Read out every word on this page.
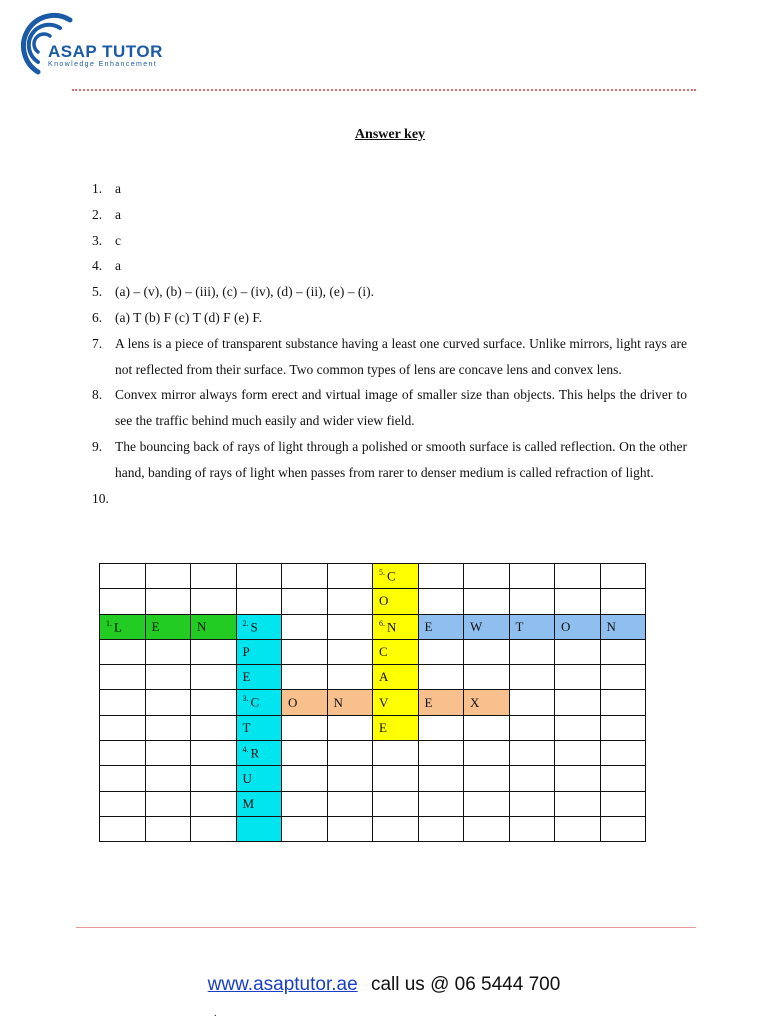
ASAP TUTOR
Knowledge Enhancement
Answer key
1. a
2. a
3. c
4. a
5. (a) – (v), (b) – (iii), (c) – (iv), (d) – (ii), (e) – (i).
6. (a) T (b) F (c) T (d) F (e) F.
7. A lens is a piece of transparent substance having a least one curved surface. Unlike mirrors, light rays are not reflected from their surface. Two common types of lens are concave lens and convex lens.
8. Convex mirror always form erect and virtual image of smaller size than objects. This helps the driver to see the traffic behind much easily and wider view field.
9. The bouncing back of rays of light through a polished or smooth surface is called reflection. On the other hand, banding of rays of light when passes from rarer to denser medium is called refraction of light.
10.
						$^{5.}$ C					
						O					
$^{1.}$ L	E	N	$^{2.}$ S			$^{6.}$ N	E	W	T	O	N
			P			C					
			E			A					
			$^{3.}$ C	O	N	V	E	X			
			T			E					
			$^{4.}$ R								
			U								
			M								

www.asaptutor.ae call us @ 06 5444 700
.
